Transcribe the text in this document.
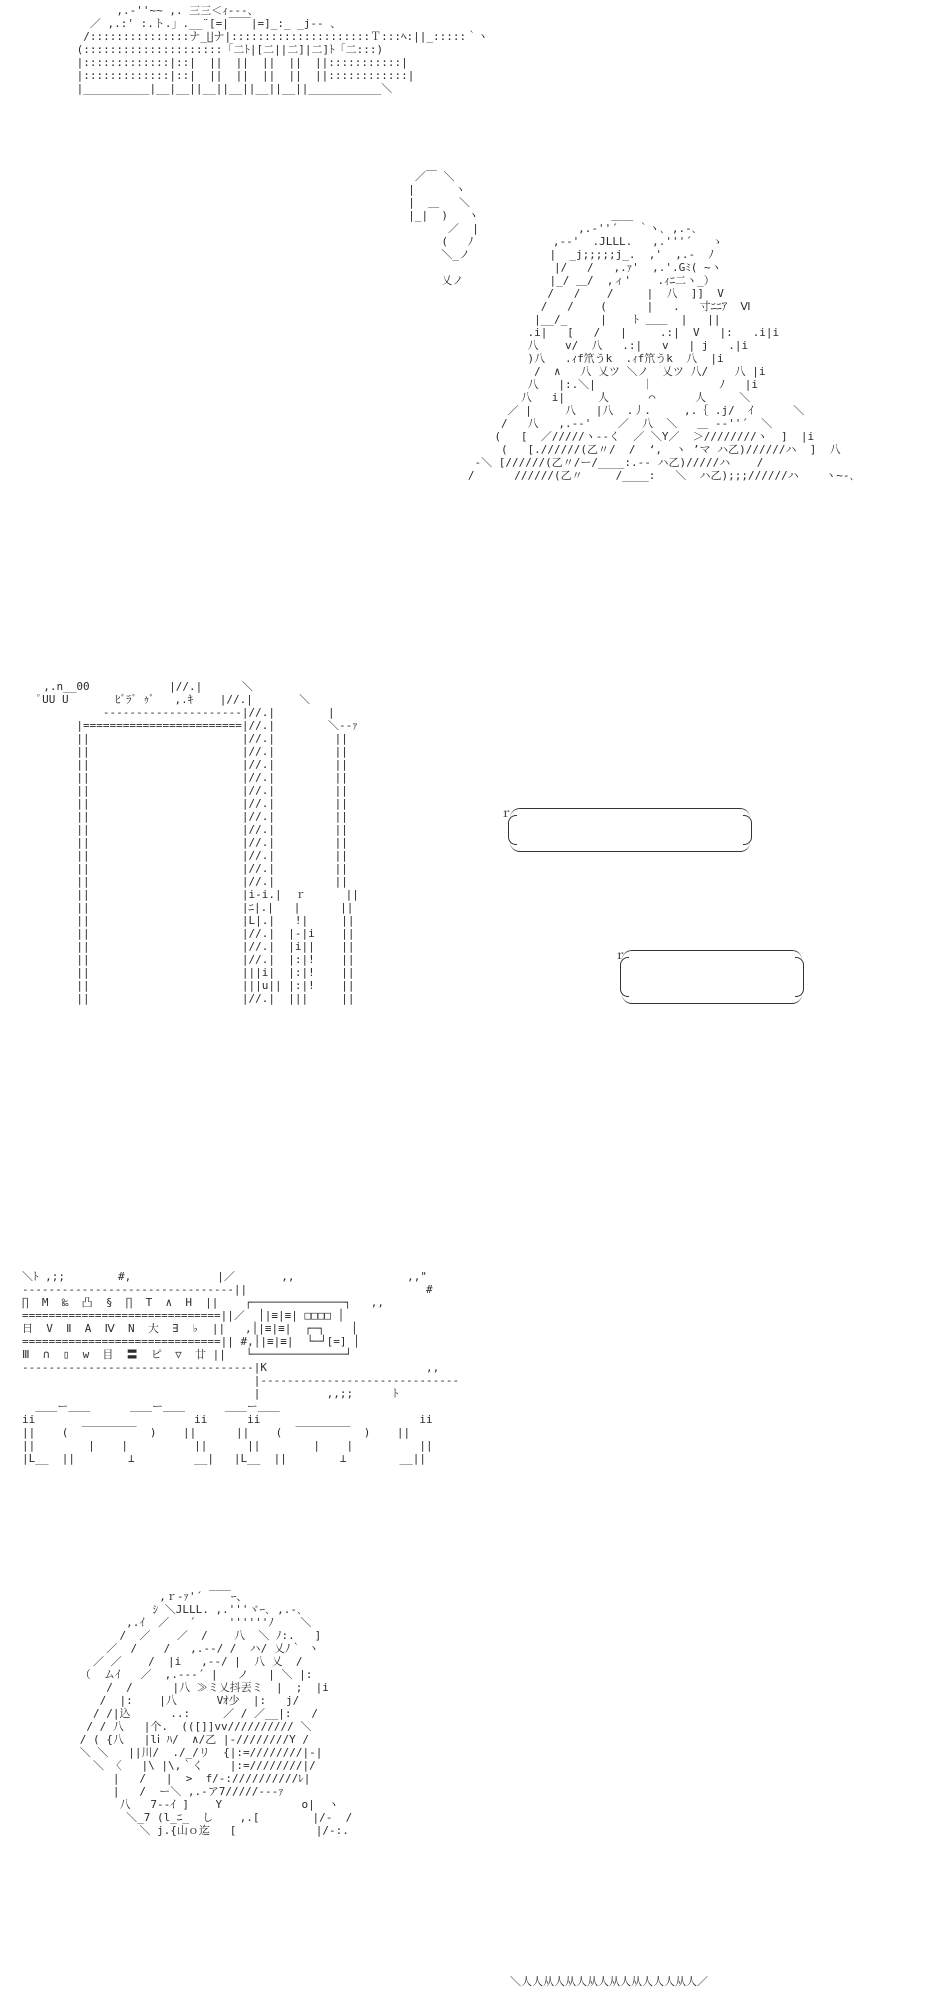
,.-''~~ ,. 三三＜ｨ-‐-、
／ ,.:' :.ト.」.__¨[=|￣￣|=]_:_ _j‐- 、
/:::::::::::::::ナ_∐ナ|:::::::::::::::::::::Ｔ:::ﾍ:||_:::::｀ヽ
(:::::::::::::::::::::「二ﾄ|[二||二]|二]ﾄ「二:::)
|:::::::::::::|::|  ||  ||  ||  ||  ||:::::::::::|
|:::::::::::::|::|  ||  ||  ||  ||  ||::::::::::::|
|__________|__|__||__||__||__||__||___________＼
／￣ ＼
|      ヽ
|  ＿   ＼
|_|  )   ヽ                    ＿＿
／  |               ,.-''´   ｀ヽ､ ,.-､
(   ﾉ            ,-‐'  .JLLL.   ,.'''´   ゝ
＼_ノ            |  _j;;;;;j_.  ,'  ,.-  ﾉ
|/   /   ,.ｧ'  ,.'.Gﾐ( ~ヽ
乂ノ             |_/ ＿/  ,ィ'    .ｨﾆ二ヽ_）
/   /    /     |  八  ]]  V
/   /    (      |   .   寸ﾆﾆｱ  Ⅵ
|__/_     |    ﾄ ＿＿  |   ||
.i|   [   /   |     .:|  V   |:   .i|i
八    v/  八   .:|   v   | j   .|i
)八   .ｨf笊うk  .ｨf笊うk  八  |i
/  ∧   八 乂ツ ＼ノ  乂ツ 八/    八 |i
八   |:.＼|       ｜          ﾉ   |i
八   i|     人      ⌒      人     ＼
／ |     八   |八  .丿.     ,.｛ .j/  ｲ      ＼
/   八   ,.--'    ／  八  ＼   ＿ --''´  ＼
(   [  ／/////ヽ--く  ／ ＼Y／  ＞////////ヽ  ]  |i
(   [.//////(乙〃/  /  ‘,  ヽ ’マ ハ乙)//////ハ  ]  八
-＼ [//////(乙〃/ー/____:.-‐ ハ乙)/////ハ    /
/      //////(乙〃     /____:   ＼  ハ乙);;;//////ハ    ヽ~-､
,.n__00            |//.|      ＼
ﾟUU U       ﾋﾞﾗﾞ ｩﾞ   ,.ｷ    |//.|       ＼
---------------------|//.|        |
|========================|//.|        ＼--ｧ
||                       |//.|         ||
||                       |//.|         ||
||                       |//.|         ||
||                       |//.|         ||
||                       |//.|         ||
||                       |//.|         ||
||                       |//.|         ||
||                       |//.|         ||
||                       |//.|         ||
||                       |//.|         ||
||                       |//.|         ||
||                       |//.|         ||
||                       |i-i.|  ｒ      ||
||                       |ﾆ|.|   |      ||
||                       |L|.|   !|     ||
||                       |//.|  |-|i    ||
||                       |//.|  |i||    ||
||                       |//.|  |:|!    ||
||                       |||i|  |:|!    ||
||                       |||u|| |:|!    ||
||                       |//.|  |||     ||
ｒ
ｒ
＼ﾄ ,;;        #,             |／       ,,                 ,,"
--------------------------------||                           #
∏  M  ‰  凸  §  ∏  T  ∧  H  ||    ┌──────────────┐   ,,
==============================||／  │|≡|≡| □□□□ │
日  V  Ⅱ  A  Ⅳ  N  大  ∃  ♭  ||   ,│|≡|≡|  ┌─┐    │
==============================|| #,│|≡|≡|  └─┘[=] │
Ⅲ  ∩  ▯  w  目  〓  ピ  ▽  廿 ||   └──────────────┘
-----------------------------------|K                        ,,
|------------------------------
|          ,,;;      ﾄ
＿＿ー＿＿      ＿＿ー＿＿      ＿＿ー＿＿
ii                        ii      ii                        ii
||    (  ￣￣￣￣￣  )    ||      ||    (  ￣￣￣￣￣  )    ||
||        |    |          ||      ||        |    |          ||
|L__  ||        ⊥         __|   |L__  ||        ⊥        __||
,ｒ‐ｧ'´ ￣￣ｰ、
ｼ ＼JLLL. ,.'''ヾｰ､ ,.-､
,.ｲ  ／   ´     ''''''ﾉ    ＼
/  ／    ／  /    八  ＼ ﾉ:.   ]
／  /    /   ,.--/ /  ハ/ 乂ﾉ｀ ヽ
／ ／    /  |i   ,-‐/ |  八 乂  /
（  ムｲ   ／  ,.--‐´ |   ノ   | ＼ |:
/  /      |八 ≫ミ乂抖丟ミ  |  ;  |i
/  |:    |八      Vｵ少  |:   j/
/ /|込      ..:     ／ / ／__|:   /
/ / 八   |个.  (([]]vv////////// ＼
/ ( {八   |lⅰ ﾊ/  ∧/乙 |-////////Y /
＼ ＼   ||川/  ./_/リ  {|:=////////|-|
＼ 〈   |\ |\,｀く    |:=////////|/
|   /   |  >  f/-://////////ﾚ|
|   /  ー＼ ,.-ア7/////---ｧ
八   7--ｲ ]    Y            o|  ヽ
＼_7 (l_ﾆ_  し    ,.[        |/-  /
＼ j.{山ｏ迄   [            |/-:.
＼人人从人从人从人从人从人人人从人／
